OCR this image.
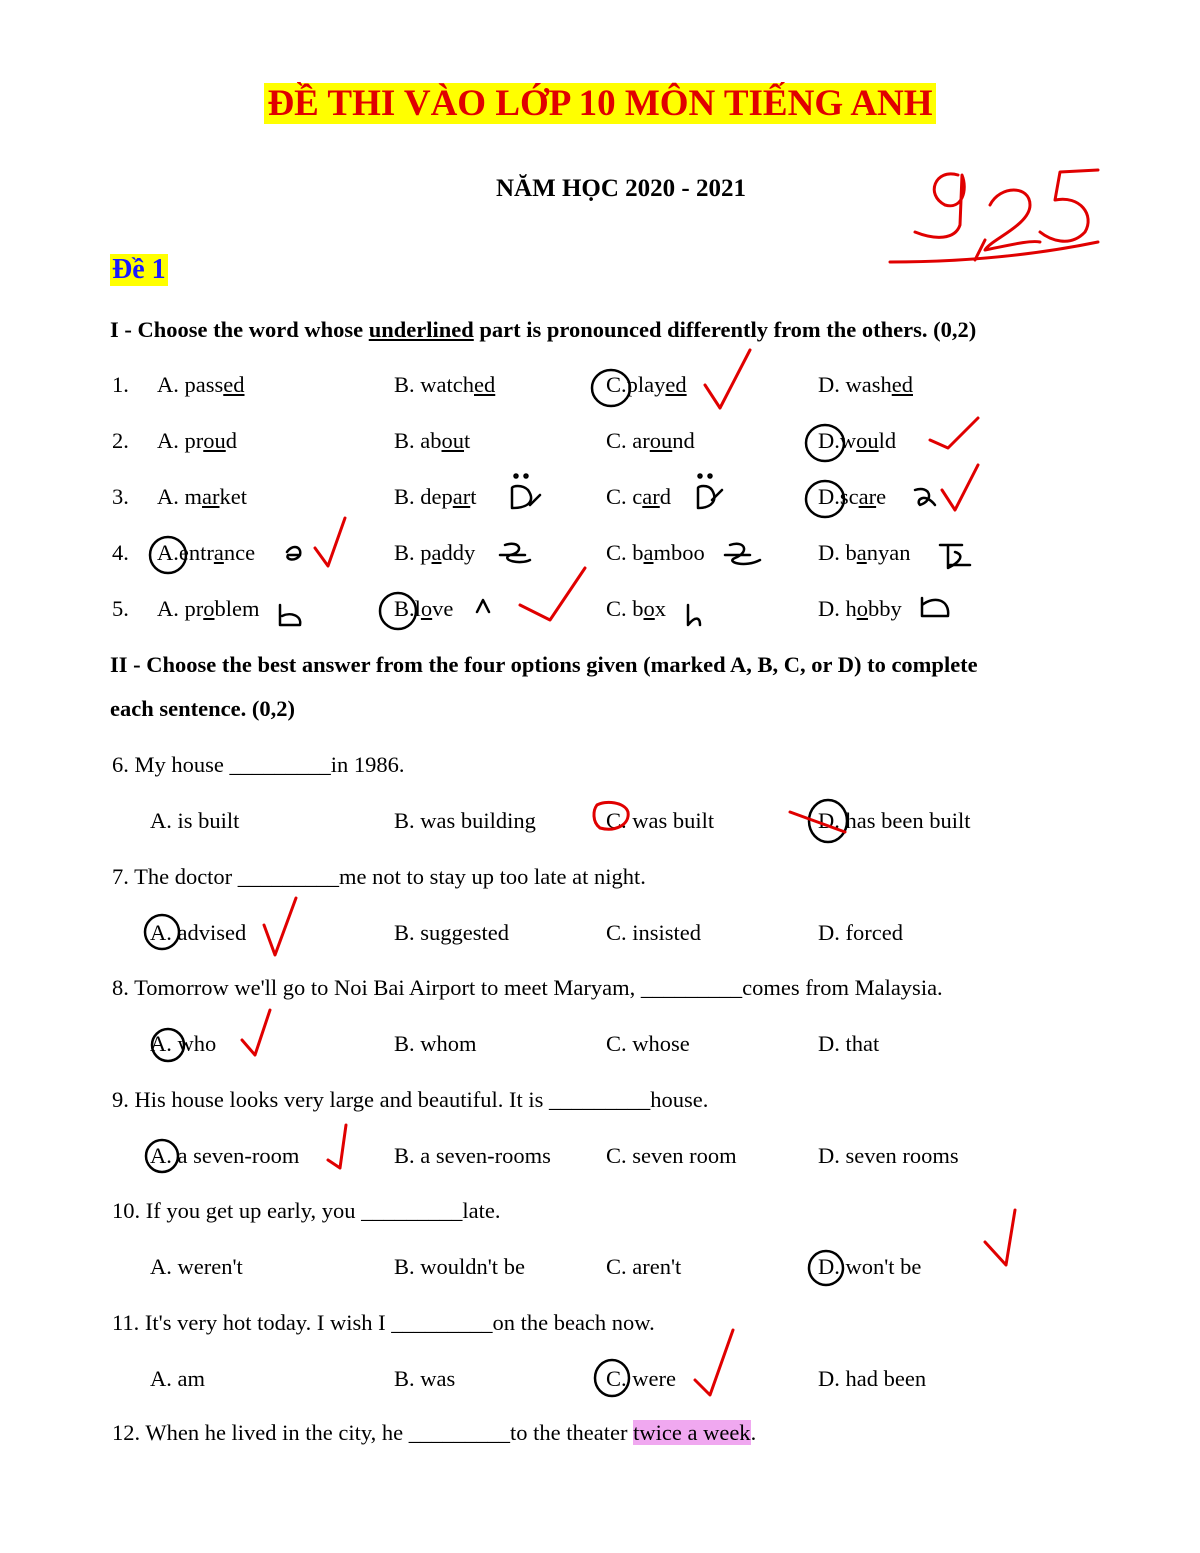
ĐỀ THI VÀO LỚP 10 MÔN TIẾNG ANH
NĂM HỌC 2020 - 2021
Đề 1
I - Choose the word whose underlined part is pronounced differently from the others. (0,2)
1. A. passed	B. watched	C.played	D. washed
2. A. proud	B. about	C. around	D.would
3. A. market	B. depart	C. card	D.scare
4. A.entrance	B. paddy	C. bamboo	D. banyan
5. A. problem	B.love	C. box	D. hobby
II - Choose the best answer from the four options given (marked A, B, C, or D) to complete
each sentence. (0,2)
6. My house _________in 1986.
A. is built	B. was building	C. was built	D. has been built
7. The doctor _________me not to stay up too late at night.
A. advised	B. suggested	C. insisted	D. forced
8. Tomorrow we'll go to Noi Bai Airport to meet Maryam, _________comes from Malaysia.
A. who	B. whom	C. whose	D. that
9. His house looks very large and beautiful. It is _________house.
A. a seven-room	B. a seven-rooms C. seven room	D. seven rooms
10. If you get up early, you _________late.
A. weren't	B. wouldn't be	C. aren't	D. won't be
11. It's very hot today. I wish I _________on the beach now.
A. am	B. was	C. were	D. had been
12. When he lived in the city, he _________to the theater twice a week.
